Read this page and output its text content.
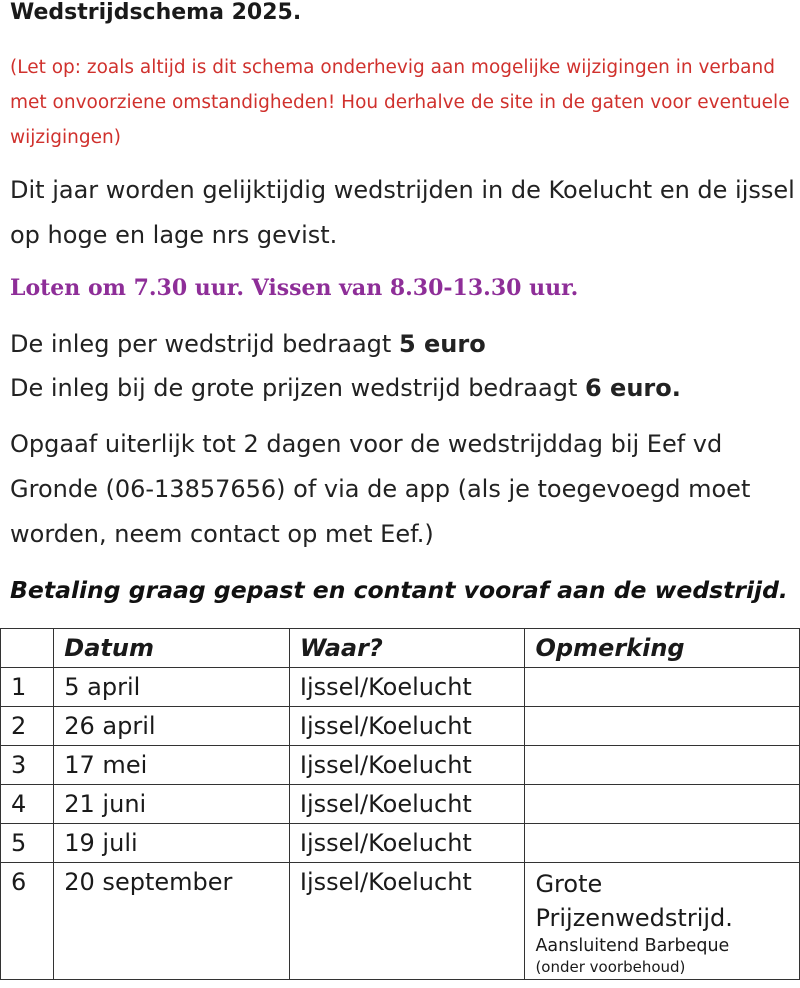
Wedstrijdschema 2025.

(Let op: zoals altijd is dit schema onderhevig aan mogelijke wijzigingen in verband met onvoorziene omstandigheden! Hou derhalve de site in de gaten voor eventuele wijzigingen)

Dit jaar worden gelijktijdig wedstrijden in de Koelucht en de ijssel op hoge en lage nrs gevist.

Loten om 7.30 uur. Vissen van 8.30-13.30 uur.

De inleg per wedstrijd bedraagt 5 euro
De inleg bij de grote prijzen wedstrijd bedraagt 6 euro.

Opgaaf uiterlijk tot 2 dagen voor de wedstrijddag bij Eef vd Gronde (06-13857656) of via de app (als je toegevoegd moet worden, neem contact op met Eef.)

Betaling graag gepast en contant vooraf aan de wedstrijd.

	Datum	Waar?	Opmerking
1	5 april	Ijssel/Koelucht	
2	26 april	Ijssel/Koelucht	
3	17 mei	Ijssel/Koelucht	
4	21 juni	Ijssel/Koelucht	
5	19 juli	Ijssel/Koelucht	
6	20 september	Ijssel/Koelucht	Grote Prijzenwedstrijd.
Aansluitend Barbeque
(onder voorbehoud)
